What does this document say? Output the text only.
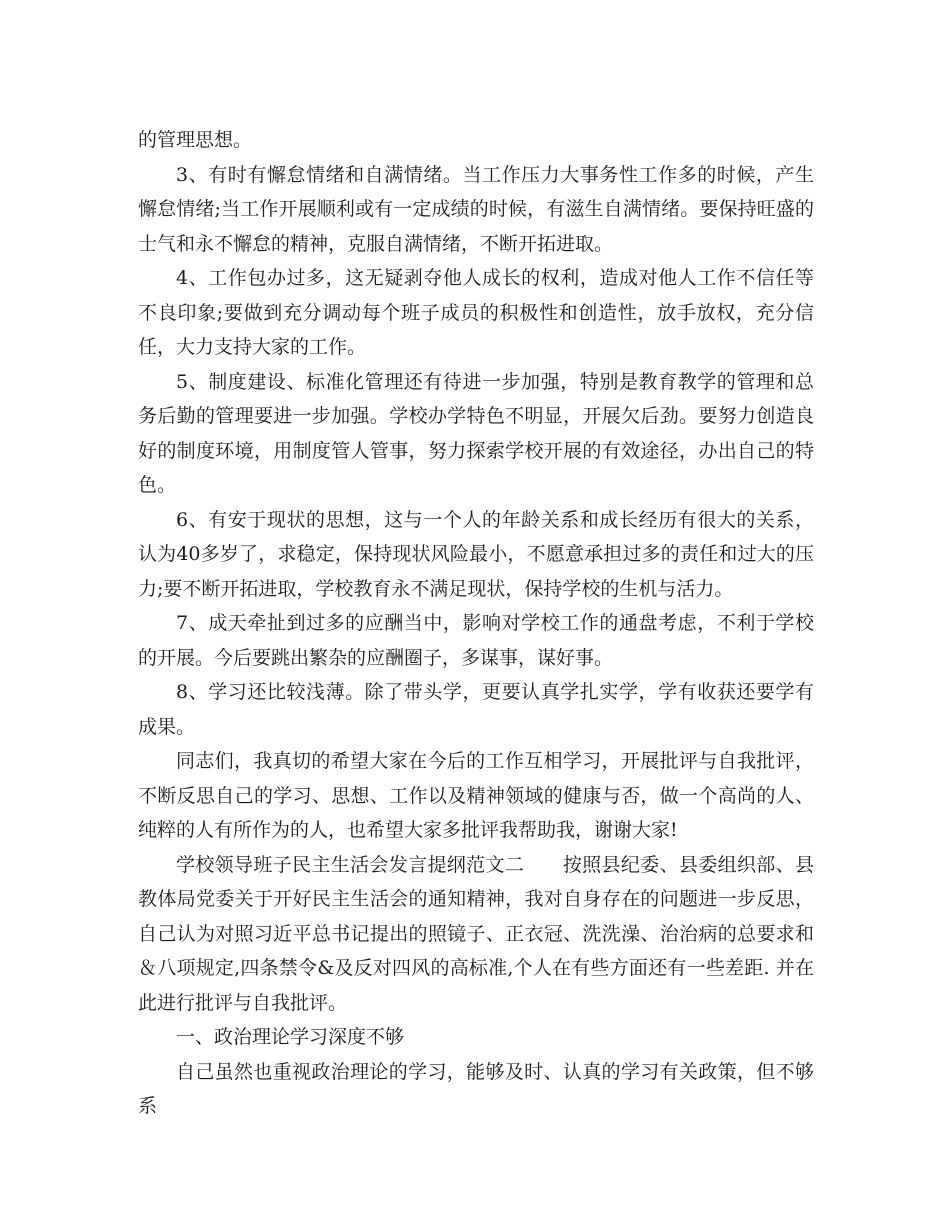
的管理思想。

3、有时有懈怠情绪和自满情绪。当工作压力大事务性工作多的时候，产生懈怠情绪;当工作开展顺利或有一定成绩的时候，有滋生自满情绪。要保持旺盛的士气和永不懈怠的精神，克服自满情绪，不断开拓进取。

4、工作包办过多，这无疑剥夺他人成长的权利，造成对他人工作不信任等不良印象;要做到充分调动每个班子成员的积极性和创造性，放手放权，充分信任，大力支持大家的工作。

5、制度建设、标准化管理还有待进一步加强，特别是教育教学的管理和总务后勤的管理要进一步加强。学校办学特色不明显，开展欠后劲。要努力创造良好的制度环境，用制度管人管事，努力探索学校开展的有效途径，办出自己的特色。

6、有安于现状的思想，这与一个人的年龄关系和成长经历有很大的关系，认为40多岁了，求稳定，保持现状风险最小，不愿意承担过多的责任和过大的压力;要不断开拓进取，学校教育永不满足现状，保持学校的生机与活力。

7、成天牵扯到过多的应酬当中，影响对学校工作的通盘考虑，不利于学校的开展。今后要跳出繁杂的应酬圈子，多谋事，谋好事。

8、学习还比较浅薄。除了带头学，更要认真学扎实学，学有收获还要学有成果。

同志们，我真切的希望大家在今后的工作互相学习，开展批评与自我批评，不断反思自己的学习、思想、工作以及精神领域的健康与否，做一个高尚的人、纯粹的人有所作为的人，也希望大家多批评我帮助我，谢谢大家!

学校领导班子民主生活会发言提纲范文二　　按照县纪委、县委组织部、县教体局党委关于开好民主生活会的通知精神，我对自身存在的问题进一步反思，自己认为对照习近平总书记提出的照镜子、正衣冠、洗洗澡、治治病的总要求和＆八项规定,四条禁令&及反对四风的高标准,个人在有些方面还有一些差距. 并在此进行批评与自我批评。

一、政治理论学习深度不够

自己虽然也重视政治理论的学习，能够及时、认真的学习有关政策，但不够系
